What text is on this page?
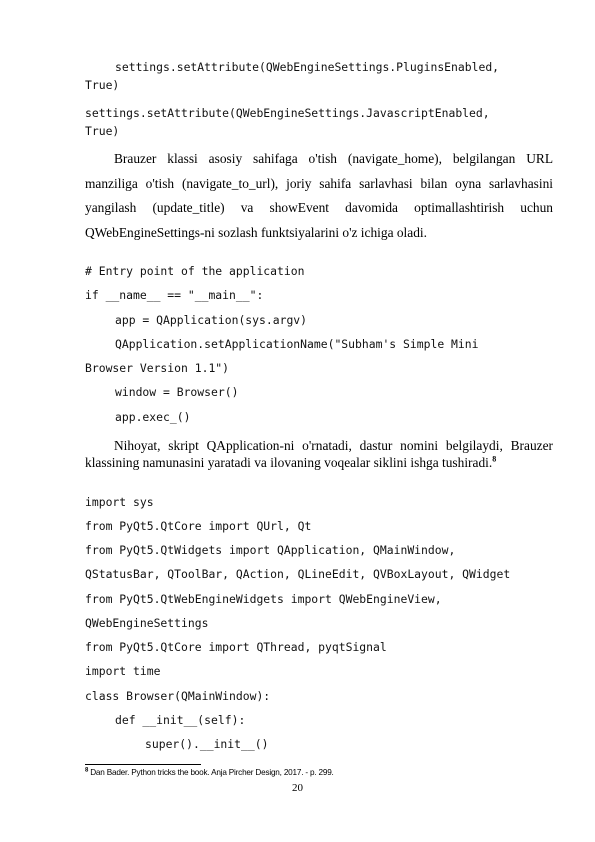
settings.setAttribute(QWebEngineSettings.PluginsEnabled,
True)
settings.setAttribute(QWebEngineSettings.JavascriptEnabled,
True)

Brauzer klassi asosiy sahifaga o'tish (navigate_home), belgilangan URL manziliga o'tish (navigate_to_url), joriy sahifa sarlavhasi bilan oyna sarlavhasini yangilash (update_title) va showEvent davomida optimallashtirish uchun QWebEngineSettings-ni sozlash funktsiyalarini o'z ichiga oladi.

# Entry point of the application
if __name__ == "__main__":
app = QApplication(sys.argv)
QApplication.setApplicationName("Subham's Simple Mini
Browser Version 1.1")
window = Browser()
app.exec_()

Nihoyat, skript QApplication-ni o'rnatadi, dastur nomini belgilaydi, Brauzer klassining namunasini yaratadi va ilovaning voqealar siklini ishga tushiradi.$^8$

import sys
from PyQt5.QtCore import QUrl, Qt
from PyQt5.QtWidgets import QApplication, QMainWindow,
QStatusBar, QToolBar, QAction, QLineEdit, QVBoxLayout, QWidget
from PyQt5.QtWebEngineWidgets import QWebEngineView,
QWebEngineSettings
from PyQt5.QtCore import QThread, pyqtSignal
import time
class Browser(QMainWindow):
def __init__(self):
super().__init__()
$^8$ Dan Bader. Python tricks the book. Anja Pircher Design, 2017. - p. 299.
20
